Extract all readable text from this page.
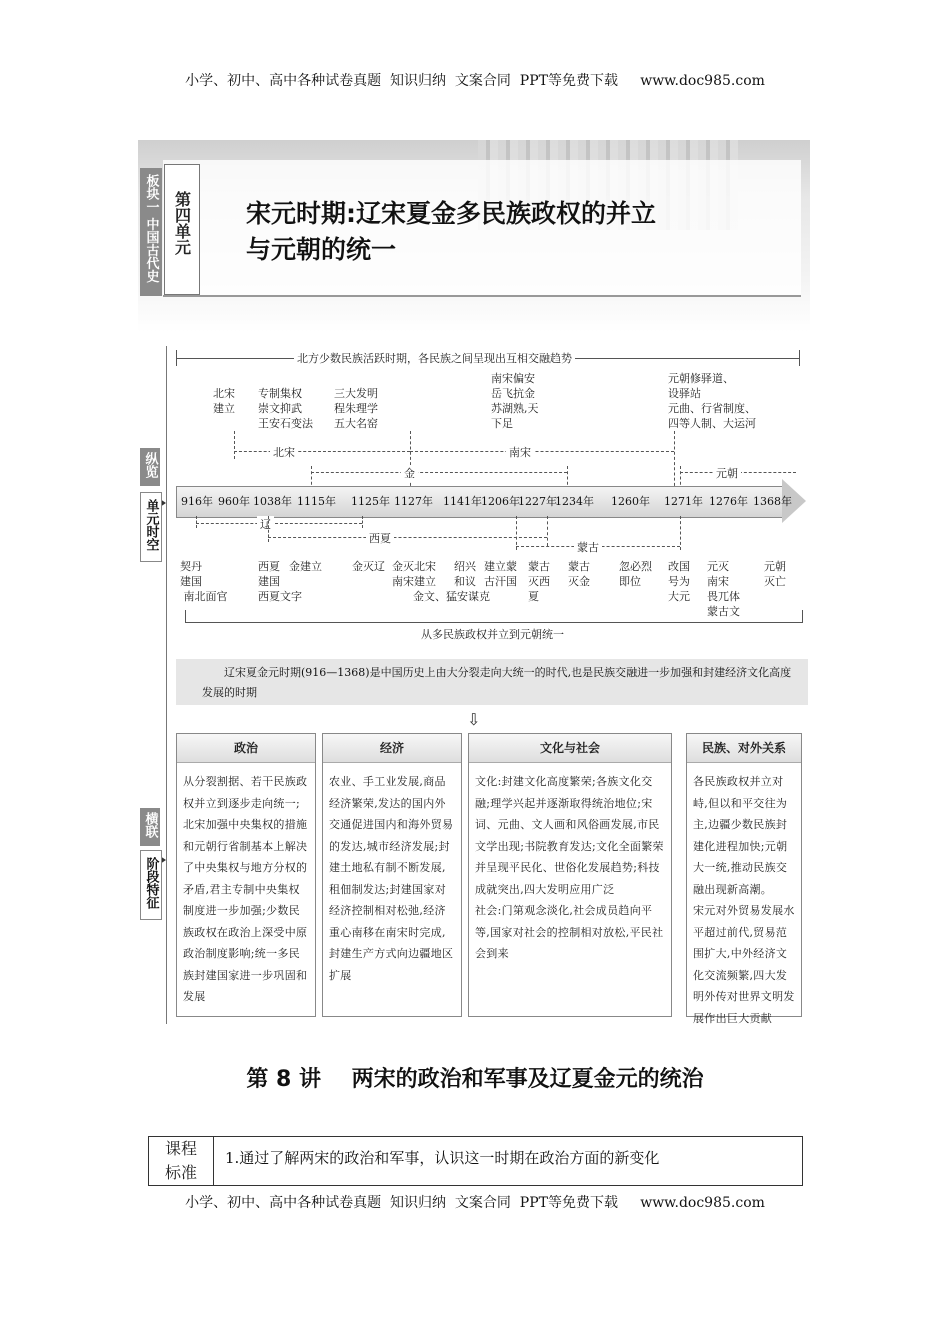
小学、初中、高中各种试卷真题  知识归纳  文案合同  PPT等免费下载     www.doc985.com
小学、初中、高中各种试卷真题  知识归纳  文案合同  PPT等免费下载     www.doc985.com
板块一 中国古代史 第四单元	宋元时期:辽宋夏金多民族政权的并立
与元朝的统一
纵览
单元时空
横联
阶段特征
北方少数民族活跃时期，各民族之间呈现出互相交融趋势
北宋
建立
专制集权
崇文抑武
王安石变法
三大发明
程朱理学
五大名窑
南宋偏安
岳飞抗金
苏湖熟,天
下足
元朝修驿道、
设驿站
元曲、行省制度、
四等人制、大运河
北宋	南宋
金	元朝
916年 960年 1038年 1115年 1125年 1127年 1141年 1206年
1227年
1234年 1260年 1271年 1276年 1368年
辽
西夏
蒙古
契丹
建国
南北面官
西夏
建国
西夏文字
金建立	金灭辽 金灭北宋
南宋建立
金文、猛安谋克
绍兴
和议
建立蒙
古汗国
蒙古
灭西
夏
蒙古
灭金
忽必烈
即位
改国
号为
大元
元灭
南宋
畏兀体
蒙古文
元朝
灭亡
从多民族政权并立到元朝统一
辽宋夏金元时期(916—1368)是中国历史上由大分裂走向大统一的时代,也是民族交融进一步加强和封建经济文化高度发展的时期
⇩
政治
从分裂割据、若干民族政权并立到逐步走向统一;北宋加强中央集权的措施和元朝行省制基本上解决了中央集权与地方分权的矛盾,君主专制中央集权制度进一步加强;少数民族政权在政治上深受中原政治制度影响;统一多民族封建国家进一步巩固和发展
经济
农业、手工业发展,商品经济繁荣,发达的国内外交通促进国内和海外贸易的发达,城市经济发展;封建土地私有制不断发展,租佃制发达;封建国家对经济控制相对松弛,经济重心南移在南宋时完成,封建生产方式向边疆地区扩展
文化与社会
文化:封建文化高度繁荣;各族文化交融;理学兴起并逐渐取得统治地位;宋词、元曲、文人画和风俗画发展,市民文学出现;书院教育发达;文化全面繁荣并呈现平民化、世俗化发展趋势;科技成就突出,四大发明应用广泛
社会:门第观念淡化,社会成员趋向平等,国家对社会的控制相对放松,平民社会到来
民族、对外关系
各民族政权并立对峙,但以和平交往为主,边疆少数民族封建化进程加快;元朝大一统,推动民族交融出现新高潮。
宋元对外贸易发展水平超过前代,贸易范围扩大,中外经济文化交流频繁,四大发明外传对世界文明发展作出巨大贡献
第 8 讲    两宋的政治和军事及辽夏金元的统治
课程
标准
1.通过了解两宋的政治和军事，认识这一时期在政治方面的新变化
